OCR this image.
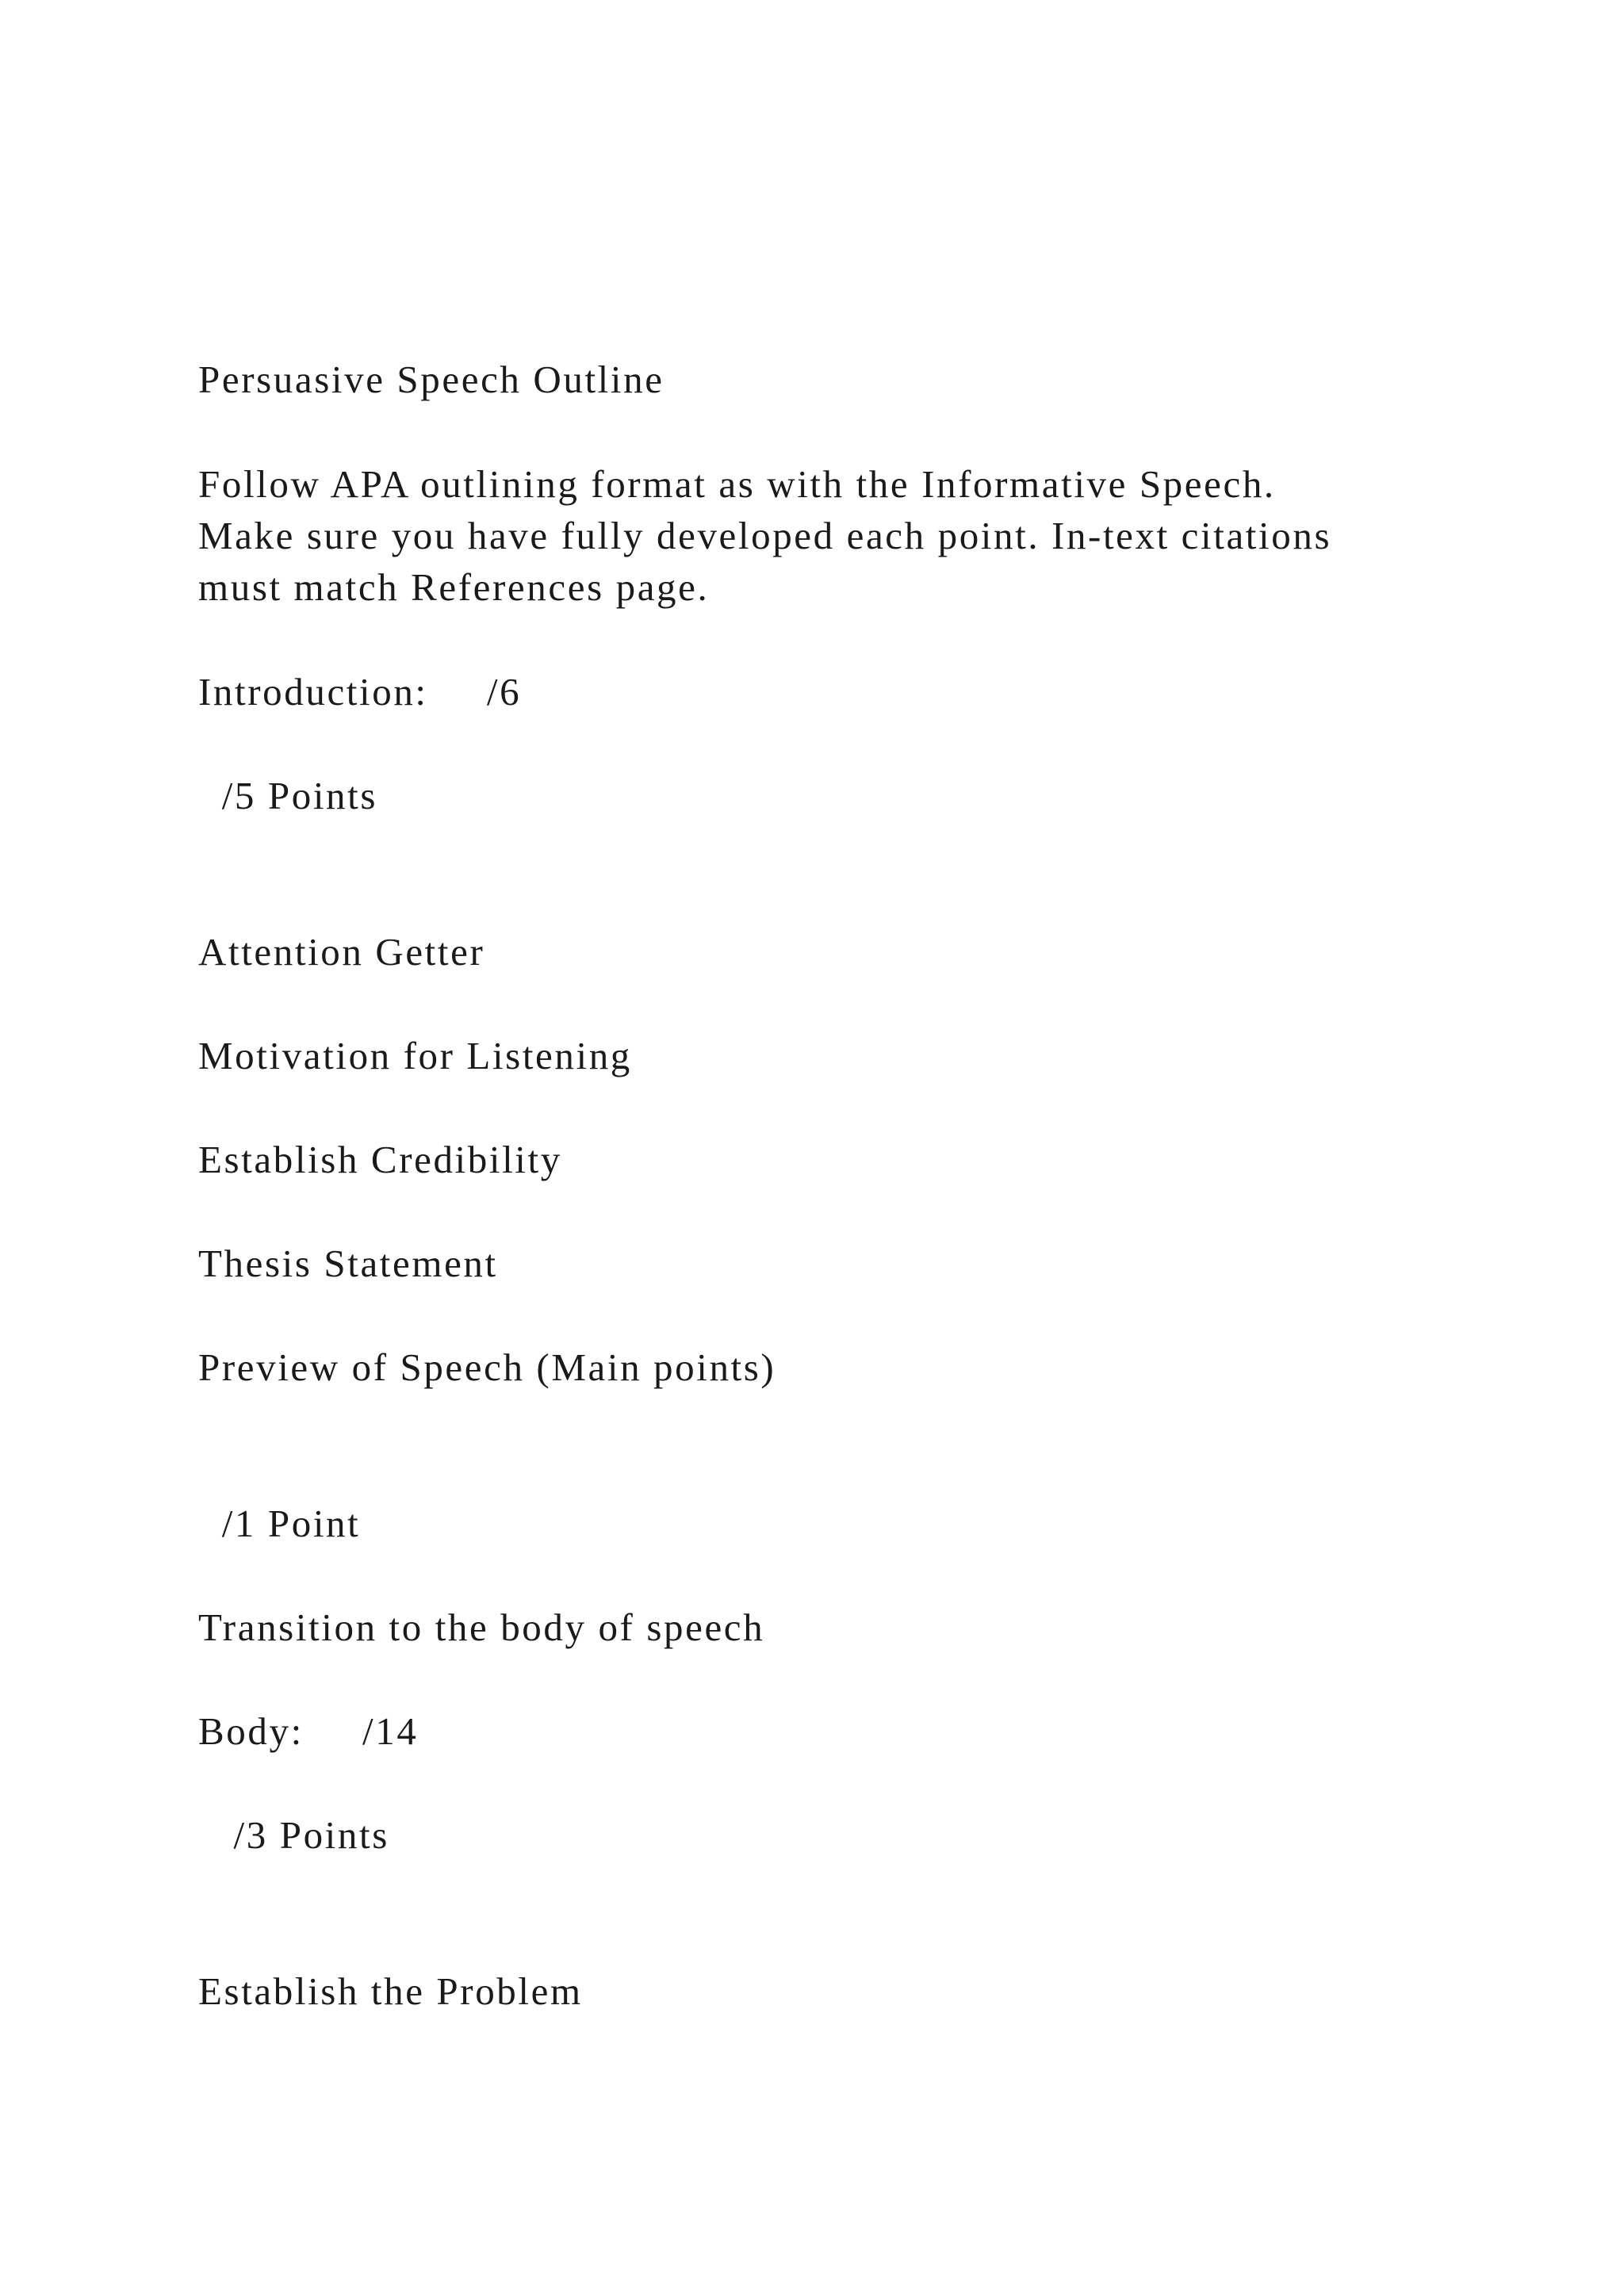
Persuasive Speech Outline

Follow APA outlining format as with the Informative Speech.
Make sure you have fully developed each point. In-text citations
must match References page.

Introduction:     /6

/5 Points

Attention Getter

Motivation for Listening

Establish Credibility

Thesis Statement

Preview of Speech (Main points)

/1 Point

Transition to the body of speech

Body:     /14

/3 Points

Establish the Problem
